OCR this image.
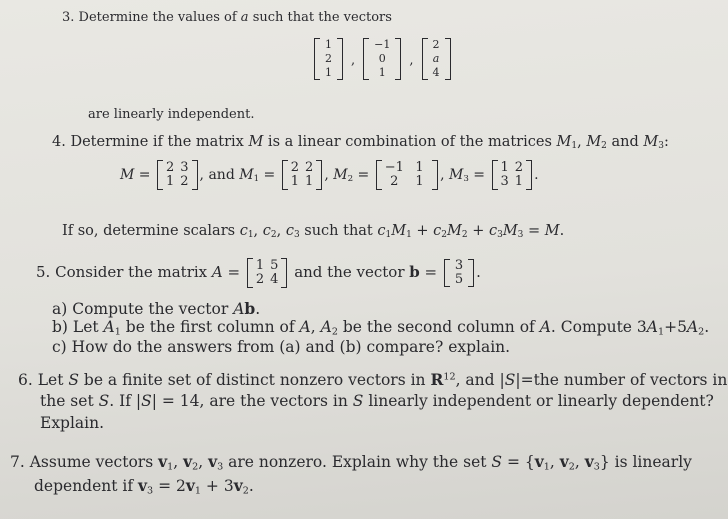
3. Determine the values of a such that the vectors
1
2
1
,
−1
0
1
,
2
a
4
are linearly independent.
4. Determine if the matrix M is a linear combination of the matrices $M_1$, $M_2$ and $M_3$:
M = 2 3
1 2 , and $M_1 = 2$ 2
1 1 , $M_2 = -1$ 1
2	1	, $M_3 = 1$ 2
3 1 .
If so, determine scalars $c_1$, $c_2$, $c_3$ such that $c_1M_1 + c_2M_2 + c_3M_3 = M$.
5. Consider the matrix A = 1 5
2 4 and the vector b = 3
5 .
a) Compute the vector Ab.
b) Let $A_1$ be the first column of A, $A_2$ be the second column of A. Compute $3A_1+5A_2$.
c) How do the answers from (a) and (b) compare? explain.
6. Let S be a finite set of distinct nonzero vectors in $R^{12}$, and |S|=the number of vectors in
the set S. If |S| = 14, are the vectors in S linearly independent or linearly dependent?
Explain.
7. Assume vectors $v_1$, $v_2$, $v_3$ are nonzero. Explain why the set $S = \{v_1$, $v_2$, $v_3$} is linearly
dependent if $v_3 = 2v_1 + 3v_2$.
